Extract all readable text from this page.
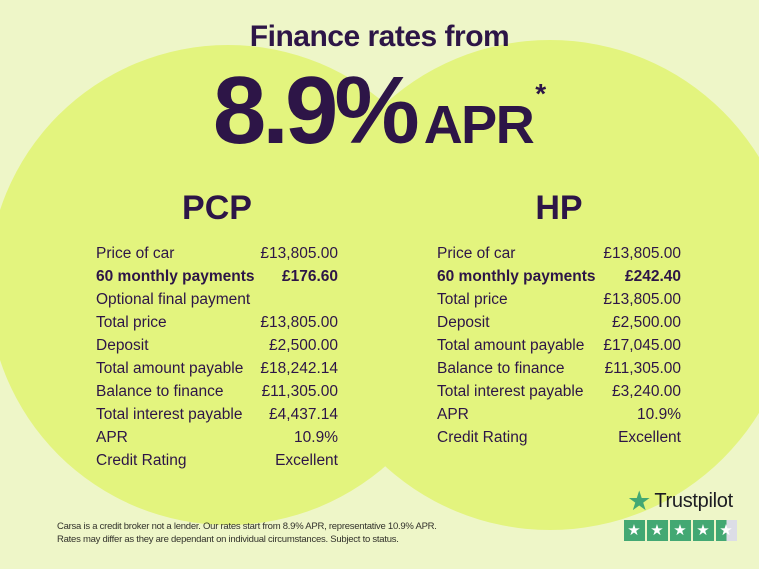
Finance rates from
8.9% APR*
PCP
Price of car	£13,805.00
60 monthly payments £176.60
Optional final payment
Total price	£13,805.00
Deposit	£2,500.00
Total amount payable £18,242.14
Balance to finance £11,305.00
Total interest payable £4,437.14
APR	10.9%
Credit Rating	Excellent
HP
Price of car	£13,805.00
60 monthly payments £242.40
Total price	£13,805.00
Deposit	£2,500.00
Total amount payable £17,045.00
Balance to finance	£11,305.00
Total interest payable £3,240.00
APR	10.9%
Credit Rating	Excellent
Carsa is a credit broker not a lender. Our rates start from 8.9% APR, representative 10.9% APR.
Rates may differ as they are dependant on individual circumstances. Subject to status.
★ Trustpilot
★ ★ ★ ★ ★
